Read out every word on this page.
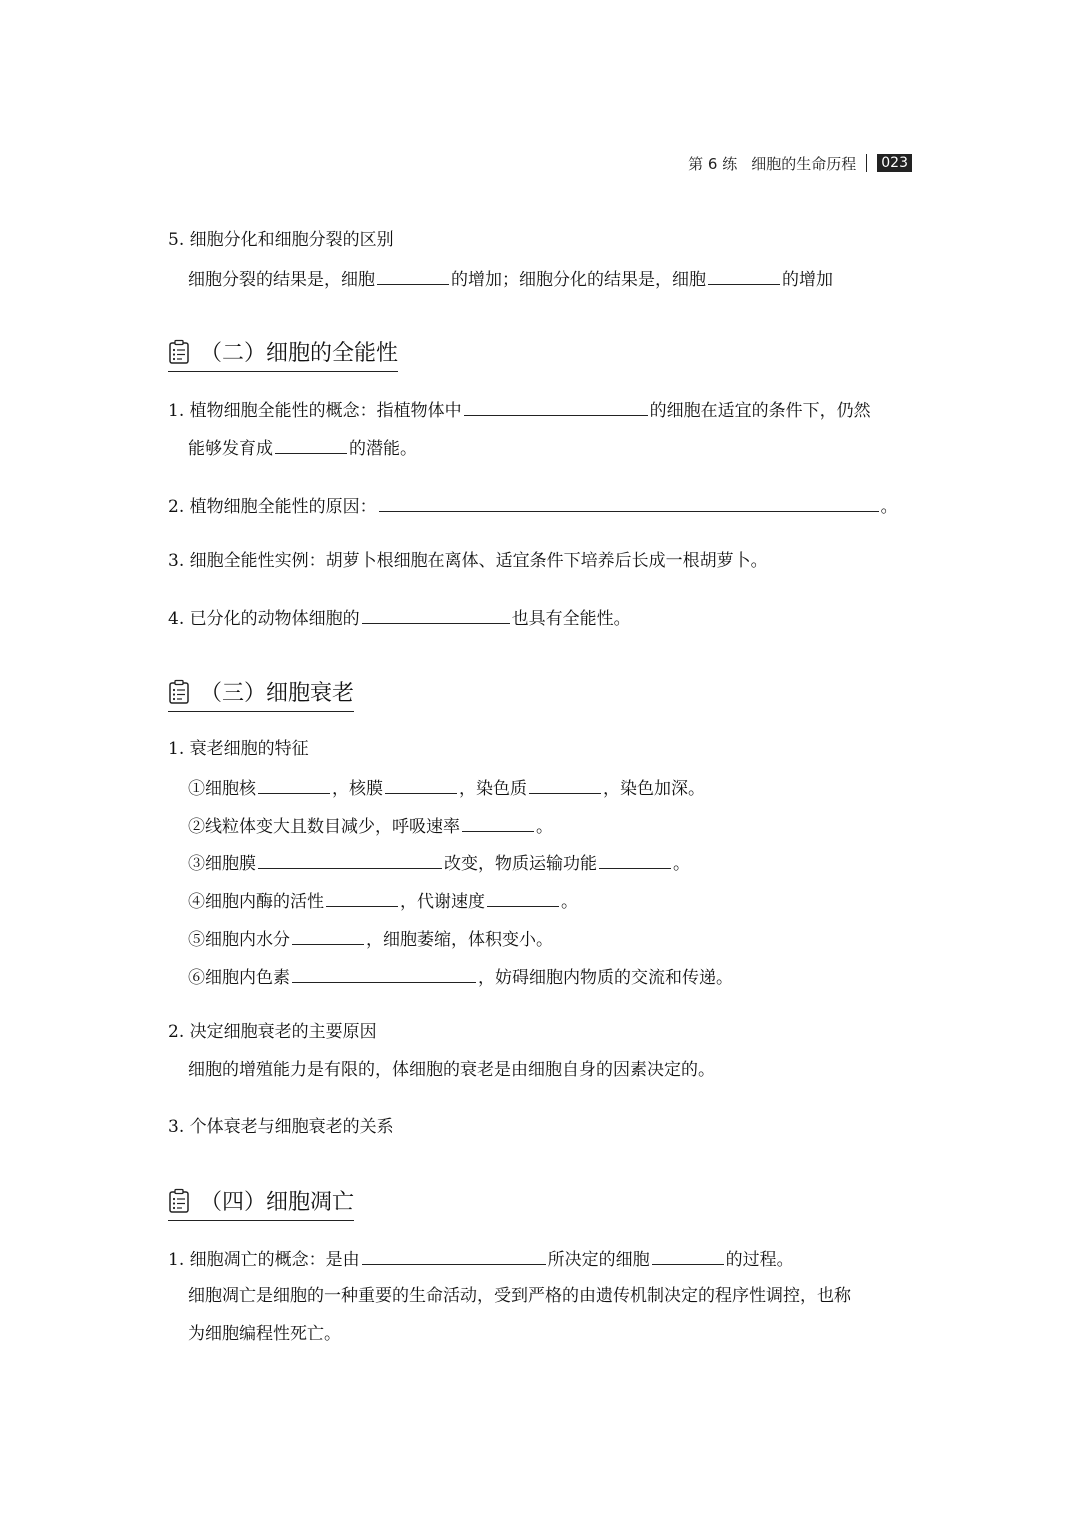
第 6 练 细胞的生命历程 023
5. 细胞分化和细胞分裂的区别
细胞分裂的结果是，细胞	的增加；细胞分化的结果是，细胞	的增加
（二）细胞的全能性
1. 植物细胞全能性的概念：指植物体中	的细胞在适宜的条件下，仍然
能够发育成	的潜能。
2. 植物细胞全能性的原因：	。
3. 细胞全能性实例：胡萝卜根细胞在离体、适宜条件下培养后长成一根胡萝卜。
4. 已分化的动物体细胞的	也具有全能性。
（三）细胞衰老
1. 衰老细胞的特征
①细胞核	，核膜	，染色质	，染色加深。
②线粒体变大且数目减少，呼吸速率	。
③细胞膜	改变，物质运输功能	。
④细胞内酶的活性	，代谢速度	。
⑤细胞内水分	，细胞萎缩，体积变小。
⑥细胞内色素	，妨碍细胞内物质的交流和传递。
2. 决定细胞衰老的主要原因
细胞的增殖能力是有限的，体细胞的衰老是由细胞自身的因素决定的。
3. 个体衰老与细胞衰老的关系
（四）细胞凋亡
1. 细胞凋亡的概念：是由	所决定的细胞	的过程。
细胞凋亡是细胞的一种重要的生命活动，受到严格的由遗传机制决定的程序性调控，也称
为细胞编程性死亡。
